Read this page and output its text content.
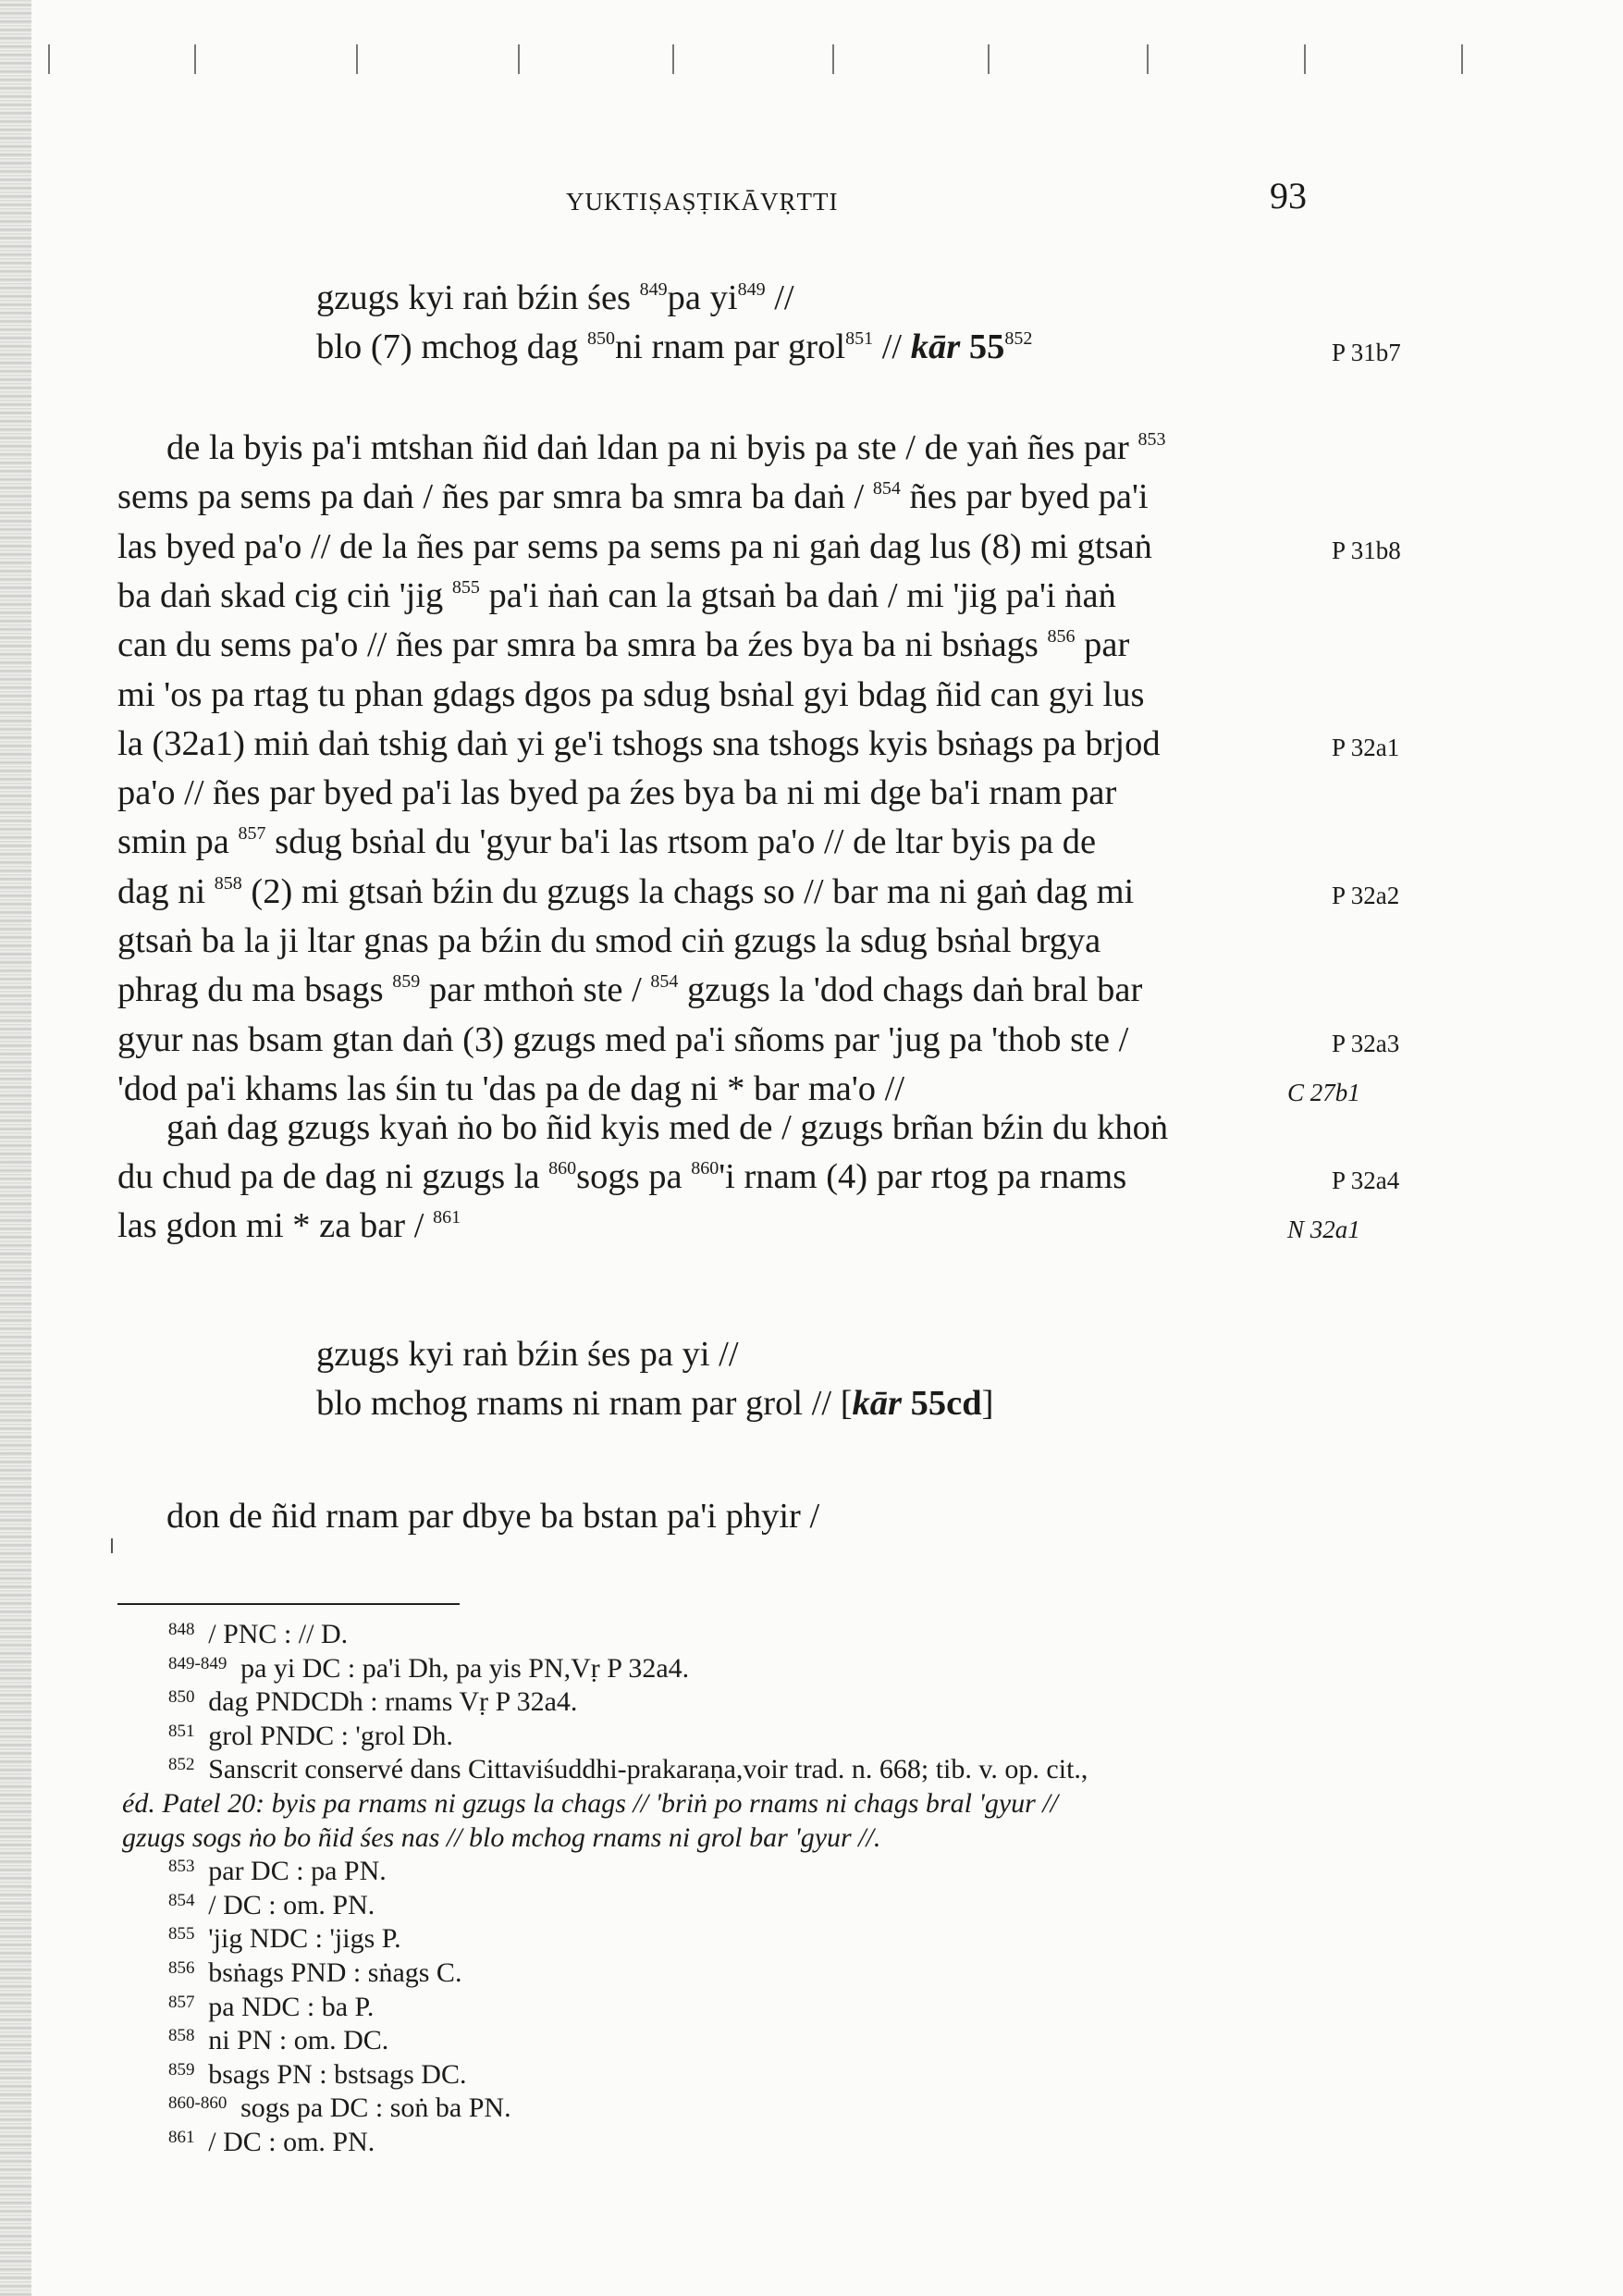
YUKTIṢAṢṬIKĀVṚTTI	93
gzugs kyi raṅ bźin śes $^{849}$pa $yi^{849}$ //
blo (7) mchog dag $^{850}$ni rnam par grol$^{851}$ // kār $55^{852}$	P 31b7
de la byis pa'i mtshan ñid daṅ ldan pa ni byis pa ste / de yaṅ ñes par $^{853}$
sems pa sems pa daṅ / ñes par smra ba smra ba daṅ / $^{854}$ ñes par byed pa'i
las byed pa'o // de la ñes par sems pa sems pa ni gaṅ dag lus (8) mi gtsaṅ	P 31b8
ba daṅ skad cig ciṅ 'jig $^{855}$ pa'i ṅaṅ can la gtsaṅ ba daṅ / mi 'jig pa'i ṅaṅ
can du sems pa'o // ñes par smra ba smra ba źes bya ba ni bsṅags $^{856}$ par
mi 'os pa rtag tu phan gdags dgos pa sdug bsṅal gyi bdag ñid can gyi lus
la (32a1) miṅ daṅ tshig daṅ yi ge'i tshogs sna tshogs kyis bsṅags pa brjod	P 32a1
pa'o // ñes par byed pa'i las byed pa źes bya ba ni mi dge ba'i rnam par
smin pa $^{857}$ sdug bsṅal du 'gyur ba'i las rtsom pa'o // de ltar byis pa de
dag ni $^{858}$ (2) mi gtsaṅ bźin du gzugs la chags so // bar ma ni gaṅ dag mi	P 32a2
gtsaṅ ba la ji ltar gnas pa bźin du smod ciṅ gzugs la sdug bsṅal brgya
phrag du ma bsags $^{859}$ par mthoṅ ste / $^{854}$ gzugs la 'dod chags daṅ bral bar
gyur nas bsam gtan daṅ (3) gzugs med pa'i sñoms par 'jug pa 'thob ste /	P 32a3
'dod pa'i khams las śin tu 'das pa de dag ni * bar ma'o //	C 27b1
gaṅ dag gzugs kyaṅ ṅo bo ñid kyis med de / gzugs brñan bźin du khoṅ
du chud pa de dag ni gzugs la $^{860}$sogs pa $^{860}$'i rnam (4) par rtog pa rnams	P 32a4
las gdon mi * za bar / $^{861}$	N 32a1
gzugs kyi raṅ bźin śes pa yi //
blo mchog rnams ni rnam par grol // [kār 55cd]
don de ñid rnam par dbye ba bstan pa'i phyir /
$^{848}$ / PNC : // D.
$^{849-849}$ pa yi DC : pa'i Dh, pa yis PN,Vṛ P 32a4.
$^{850}$ dag PNDCDh : rnams Vṛ P 32a4.
$^{851}$ grol PNDC : 'grol Dh.
$^{852}$ Sanscrit conservé dans Cittaviśuddhi-prakaraṇa,voir trad. n. 668; tib. v. op. cit.,
éd. Patel 20: byis pa rnams ni gzugs la chags // 'briṅ po rnams ni chags bral 'gyur //
gzugs sogs ṅo bo ñid śes nas // blo mchog rnams ni grol bar 'gyur //.
$^{853}$ par DC : pa PN.
$^{854}$ / DC : om. PN.
$^{855}$ 'jig NDC : 'jigs P.
$^{856}$ bsṅags PND : sṅags C.
$^{857}$ pa NDC : ba P.
$^{858}$ ni PN : om. DC.
$^{859}$ bsags PN : bstsags DC.
$^{860-860}$ sogs pa DC : soṅ ba PN.
$^{861}$ / DC : om. PN.
